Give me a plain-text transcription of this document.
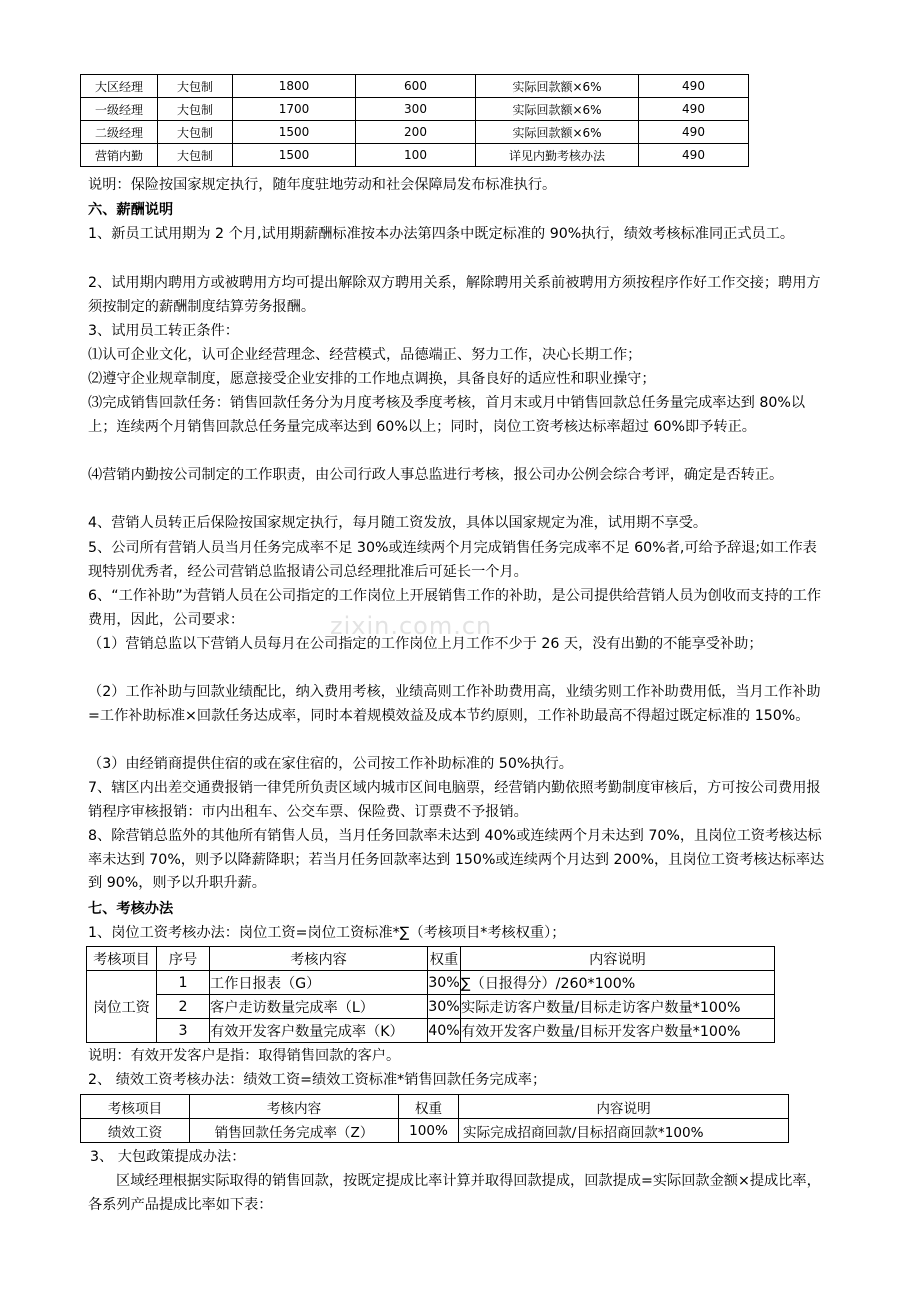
zixin.com.cn
大区经理	大包制	1800	600	实际回款额×6%	490
一级经理	大包制	1700	300	实际回款额×6%	490
二级经理	大包制	1500	200	实际回款额×6%	490
营销内勤	大包制	1500	100	详见内勤考核办法	490

说明：保险按国家规定执行，随年度驻地劳动和社会保障局发布标准执行。

六、薪酬说明

1、新员工试用期为 2 个月,试用期薪酬标准按本办法第四条中既定标准的 90%执行，绩效考核标准同正式员工。

2、试用期内聘用方或被聘用方均可提出解除双方聘用关系，解除聘用关系前被聘用方须按程序作好工作交接；聘用方须按制定的薪酬制度结算劳务报酬。

3、试用员工转正条件：

⑴认可企业文化，认可企业经营理念、经营模式，品德端正、努力工作，决心长期工作；

⑵遵守企业规章制度，愿意接受企业安排的工作地点调换，具备良好的适应性和职业操守；

⑶完成销售回款任务：销售回款任务分为月度考核及季度考核，首月末或月中销售回款总任务量完成率达到 80%以上；连续两个月销售回款总任务量完成率达到 60%以上；同时，岗位工资考核达标率超过 60%即予转正。

⑷营销内勤按公司制定的工作职责，由公司行政人事总监进行考核，报公司办公例会综合考评，确定是否转正。

4、营销人员转正后保险按国家规定执行，每月随工资发放，具体以国家规定为准，试用期不享受。

5、公司所有营销人员当月任务完成率不足 30%或连续两个月完成销售任务完成率不足 60%者,可给予辞退;如工作表现特别优秀者，经公司营销总监报请公司总经理批准后可延长一个月。

6、“工作补助”为营销人员在公司指定的工作岗位上开展销售工作的补助，是公司提供给营销人员为创收而支持的工作费用，因此，公司要求：

（1）营销总监以下营销人员每月在公司指定的工作岗位上月工作不少于 26 天，没有出勤的不能享受补助；

（2）工作补助与回款业绩配比，纳入费用考核，业绩高则工作补助费用高，业绩劣则工作补助费用低，当月工作补助=工作补助标准×回款任务达成率，同时本着规模效益及成本节约原则，工作补助最高不得超过既定标准的 150%。

（3）由经销商提供住宿的或在家住宿的，公司按工作补助标准的 50%执行。

7、辖区内出差交通费报销一律凭所负责区域内城市区间电脑票，经营销内勤依照考勤制度审核后，方可按公司费用报销程序审核报销：市内出租车、公交车票、保险费、订票费不予报销。

8、除营销总监外的其他所有销售人员，当月任务回款率未达到 40%或连续两个月未达到 70%，且岗位工资考核达标率未达到 70%，则予以降薪降职；若当月任务回款率达到 150%或连续两个月达到 200%，且岗位工资考核达标率达到 90%，则予以升职升薪。

七、考核办法

1、岗位工资考核办法：岗位工资=岗位工资标准*∑（考核项目*考核权重）；

考核项目	序号	考核内容	权重	内容说明
岗位工资	1	工作日报表（G）	30%	∑（日报得分）/260*100%
	2	客户走访数量完成率（L）	30%	实际走访客户数量/目标走访客户数量*100%
	3	有效开发客户数量完成率（K）	40%	有效开发客户数量/目标开发客户数量*100%

说明：有效开发客户是指：取得销售回款的客户。

2、 绩效工资考核办法：绩效工资=绩效工资标准*销售回款任务完成率；

考核项目	考核内容	权重	内容说明
绩效工资	销售回款任务完成率（Z）	100%	实际完成招商回款/目标招商回款*100%

3、 大包政策提成办法：

区域经理根据实际取得的销售回款，按既定提成比率计算并取得回款提成，回款提成=实际回款金额×提成比率，各系列产品提成比率如下表：
